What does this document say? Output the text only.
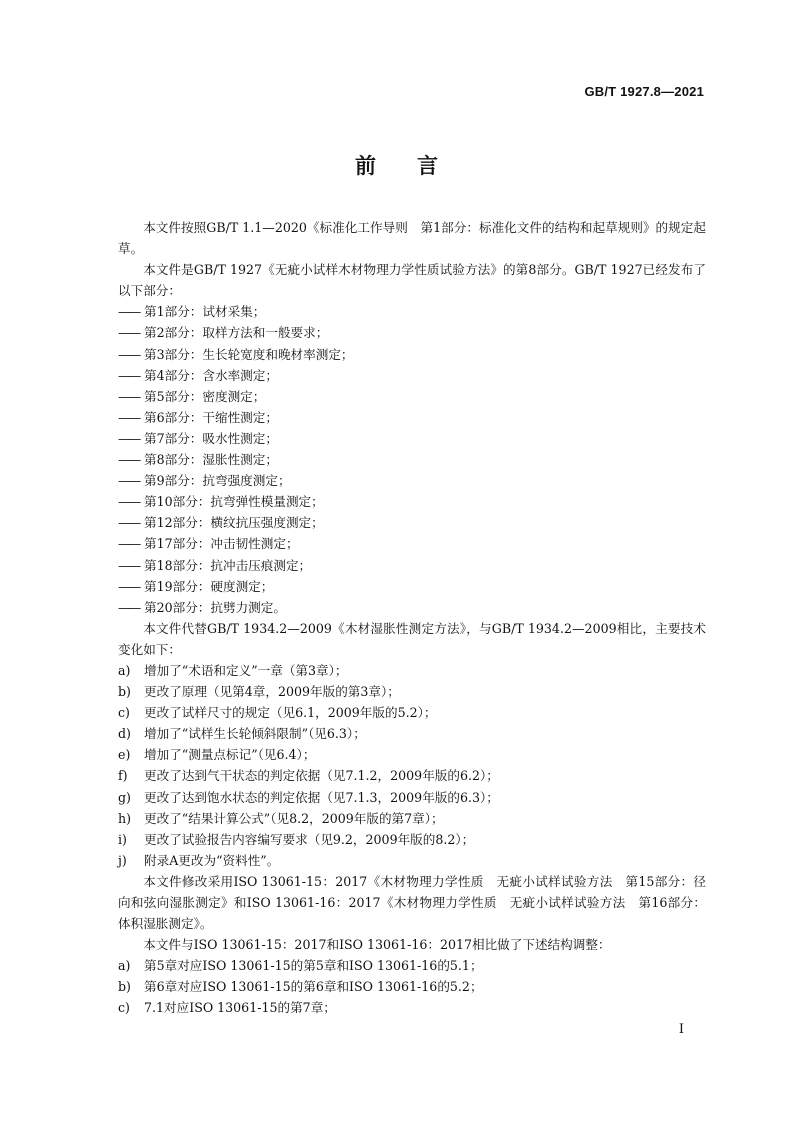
GB/T 1927.8—2021
前 言

本文件按照GB/T 1.1—2020《标准化工作导则　第1部分：标准化文件的结构和起草规则》的规定起草。

本文件是GB/T 1927《无疵小试样木材物理力学性质试验方法》的第8部分。GB/T 1927已经发布了以下部分：

—— 第1部分：试材采集；
—— 第2部分：取样方法和一般要求；
—— 第3部分：生长轮宽度和晚材率测定；
—— 第4部分：含水率测定；
—— 第5部分：密度测定；
—— 第6部分：干缩性测定；
—— 第7部分：吸水性测定；
—— 第8部分：湿胀性测定；
—— 第9部分：抗弯强度测定；
—— 第10部分：抗弯弹性模量测定；
—— 第12部分：横纹抗压强度测定；
—— 第17部分：冲击韧性测定；
—— 第18部分：抗冲击压痕测定；
—— 第19部分：硬度测定；
—— 第20部分：抗劈力测定。

本文件代替GB/T 1934.2—2009《木材湿胀性测定方法》，与GB/T 1934.2—2009相比，主要技术变化如下：

a) 增加了“术语和定义”一章（第3章）；
b) 更改了原理（见第4章，2009年版的第3章）；
c) 更改了试样尺寸的规定（见6.1，2009年版的5.2）；
d) 增加了“试样生长轮倾斜限制”（见6.3）；
e) 增加了“测量点标记”（见6.4）；
f) 更改了达到气干状态的判定依据（见7.1.2，2009年版的6.2）；
g) 更改了达到饱水状态的判定依据（见7.1.3，2009年版的6.3）；
h) 更改了“结果计算公式”（见8.2，2009年版的第7章）；
i) 更改了试验报告内容编写要求（见9.2，2009年版的8.2）；
j) 附录A更改为“资料性”。

本文件修改采用ISO 13061-15：2017《木材物理力学性质　无疵小试样试验方法　第15部分：径向和弦向湿胀测定》和ISO 13061-16：2017《木材物理力学性质　无疵小试样试验方法　第16部分：体积湿胀测定》。

本文件与ISO 13061-15：2017和ISO 13061-16：2017相比做了下述结构调整：

a) 第5章对应ISO 13061-15的第5章和ISO 13061-16的5.1；
b) 第6章对应ISO 13061-15的第6章和ISO 13061-16的5.2；
c) 7.1对应ISO 13061-15的第7章；
I
